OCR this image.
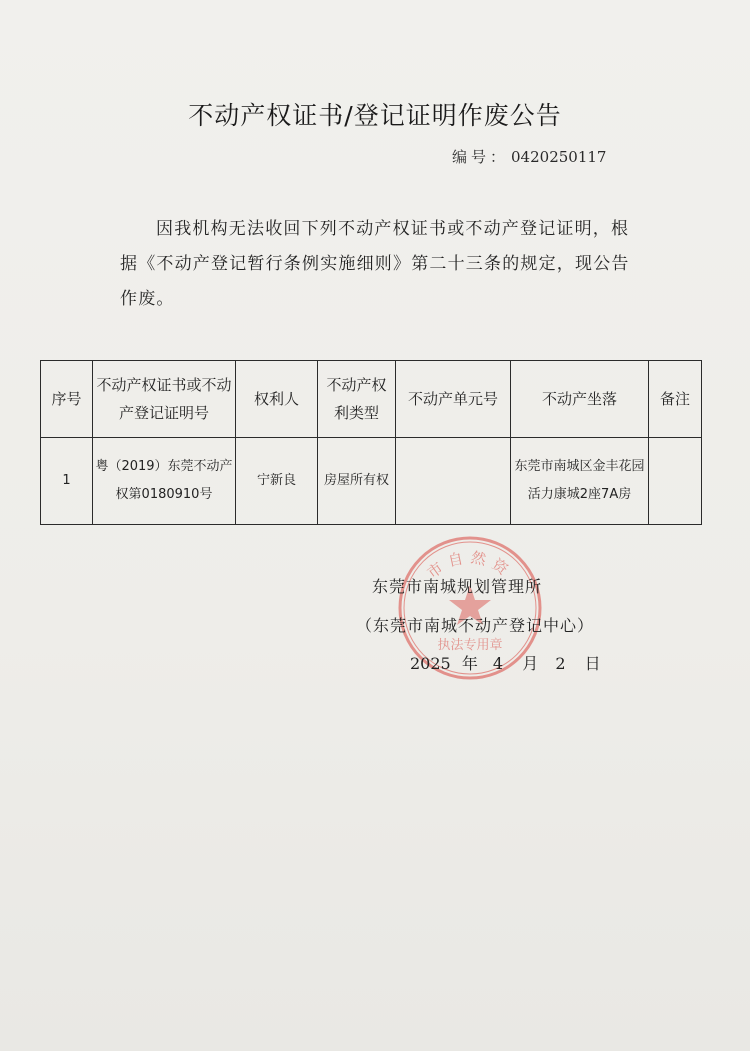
不动产权证书/登记证明作废公告
编号： 0420250117
因我机构无法收回下列不动产权证书或不动产登记证明，根据《不动产登记暂行条例实施细则》第二十三条的规定，现公告作废。
序号	不动产权证书或不动产登记证明号	权利人	不动产权利类型	不动产单元号	不动产坐落	备注
1	粤（2019）东莞不动产权第0180910号	宁新良	房屋所有权		东莞市南城区金丰花园活力康城2座7A房	
市自然资
执法专用章
东莞市南城规划管理所
（东莞市南城不动产登记中心）
2025 年 4 月 2 日
